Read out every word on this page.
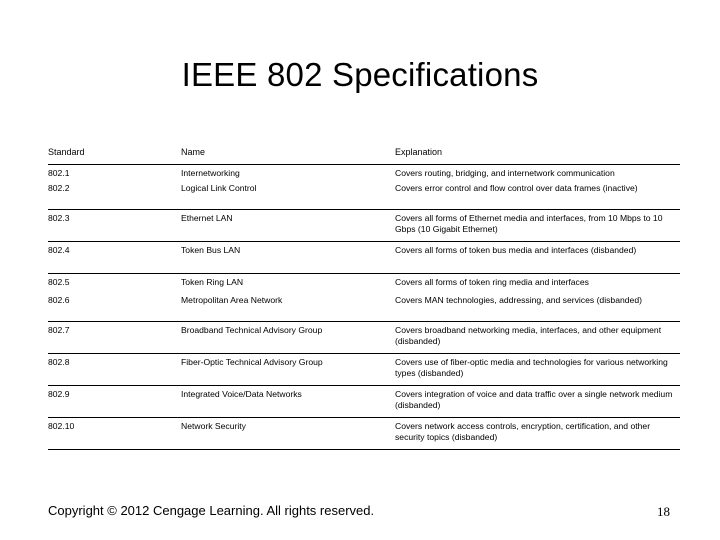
IEEE 802 Specifications
Standard	Name	Explanation
802.1	Internetworking	Covers routing, bridging, and internetwork communication
802.2	Logical Link Control	Covers error control and flow control over data frames (inactive)
802.3	Ethernet LAN	Covers all forms of Ethernet media and interfaces, from 10 Mbps to 10 Gbps (10 Gigabit Ethernet)
802.4	Token Bus LAN	Covers all forms of token bus media and interfaces (disbanded)
802.5	Token Ring LAN	Covers all forms of token ring media and interfaces
802.6	Metropolitan Area Network	Covers MAN technologies, addressing, and services (disbanded)
802.7	Broadband Technical Advisory Group	Covers broadband networking media, interfaces, and other equipment (disbanded)
802.8	Fiber-Optic Technical Advisory Group	Covers use of fiber-optic media and technologies for various networking types (disbanded)
802.9	Integrated Voice/Data Networks	Covers integration of voice and data traffic over a single network medium (disbanded)
802.10	Network Security	Covers network access controls, encryption, certification, and other security topics (disbanded)
Copyright © 2012 Cengage Learning. All rights reserved.	18
